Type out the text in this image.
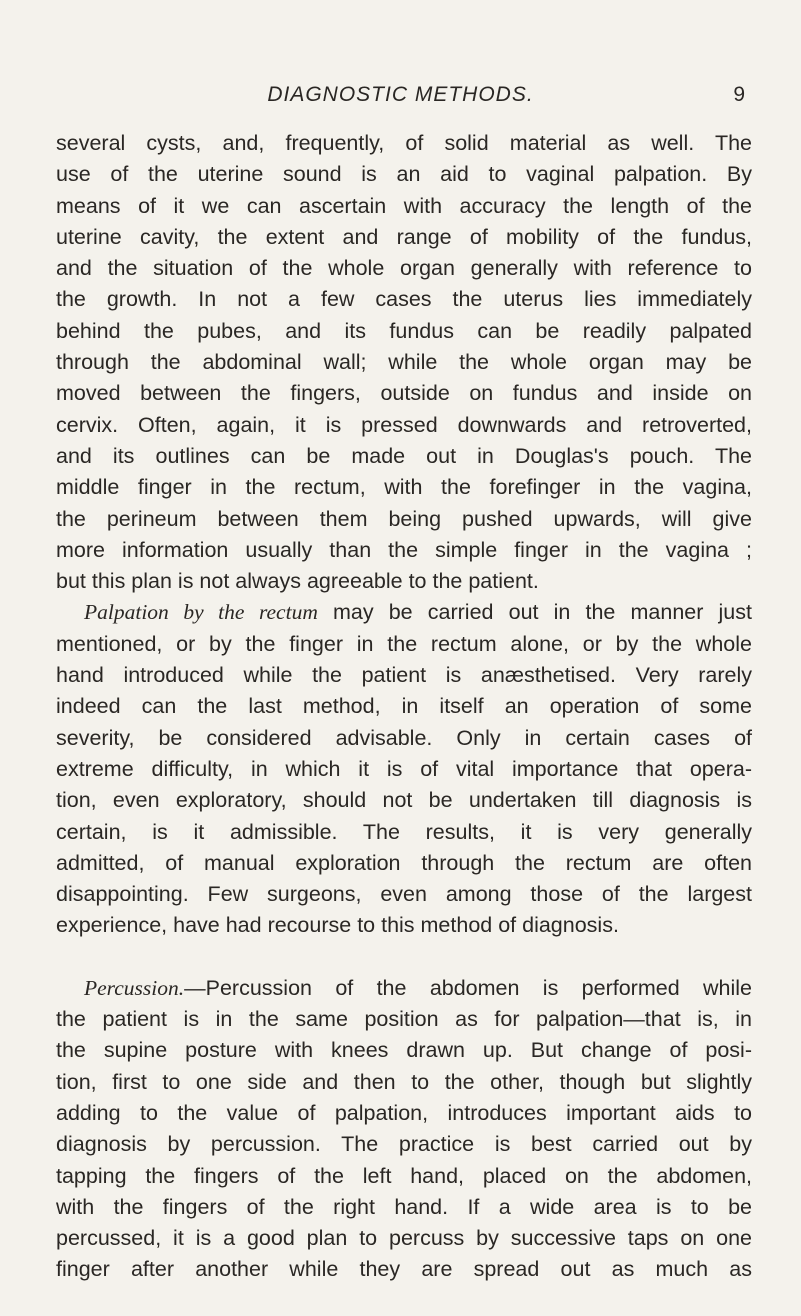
DIAGNOSTIC METHODS.	9

several cysts, and, frequently, of solid material as well. The

use of the uterine sound is an aid to vaginal palpation. By

means of it we can ascertain with accuracy the length of the

uterine cavity, the extent and range of mobility of the fundus,

and the situation of the whole organ generally with reference to

the growth. In not a few cases the uterus lies immediately

behind the pubes, and its fundus can be readily palpated

through the abdominal wall; while the whole organ may be

moved between the fingers, outside on fundus and inside on

cervix. Often, again, it is pressed downwards and retroverted,

and its outlines can be made out in Douglas's pouch. The

middle finger in the rectum, with the forefinger in the vagina,

the perineum between them being pushed upwards, will give

more information usually than the simple finger in the vagina ;

but this plan is not always agreeable to the patient.

Palpation by the rectum may be carried out in the manner just

mentioned, or by the finger in the rectum alone, or by the whole

hand introduced while the patient is anæsthetised. Very rarely

indeed can the last method, in itself an operation of some

severity, be considered advisable. Only in certain cases of

extreme difficulty, in which it is of vital importance that opera-

tion, even exploratory, should not be undertaken till diagnosis is

certain, is it admissible. The results, it is very generally

admitted, of manual exploration through the rectum are often

disappointing. Few surgeons, even among those of the largest

experience, have had recourse to this method of diagnosis.

Percussion.—Percussion of the abdomen is performed while

the patient is in the same position as for palpation—that is, in

the supine posture with knees drawn up. But change of posi-

tion, first to one side and then to the other, though but slightly

adding to the value of palpation, introduces important aids to

diagnosis by percussion. The practice is best carried out by

tapping the fingers of the left hand, placed on the abdomen,

with the fingers of the right hand. If a wide area is to be

percussed, it is a good plan to percuss by successive taps on one

finger after another while they are spread out as much as
